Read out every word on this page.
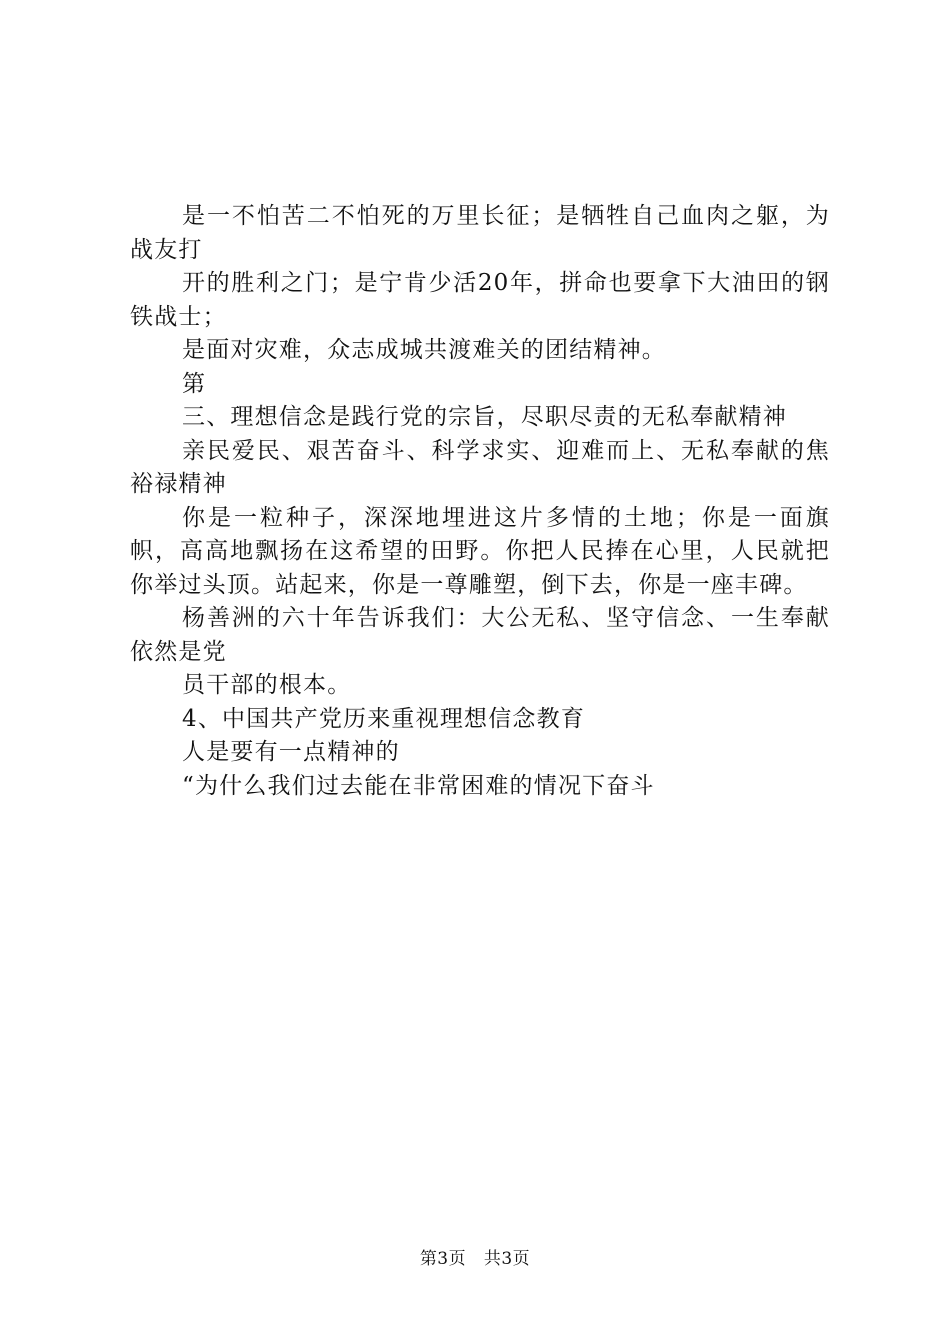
是一不怕苦二不怕死的万里长征；是牺牲自己血肉之躯，为战友打

开的胜利之门；是宁肯少活20年，拼命也要拿下大油田的钢铁战士；

是面对灾难，众志成城共渡难关的团结精神。

第

三、理想信念是践行党的宗旨，尽职尽责的无私奉献精神

亲民爱民、艰苦奋斗、科学求实、迎难而上、无私奉献的焦裕禄精神

你是一粒种子，深深地埋进这片多情的土地；你是一面旗帜，高高地飘扬在这希望的田野。你把人民捧在心里，人民就把你举过头顶。站起来，你是一尊雕塑，倒下去，你是一座丰碑。

杨善洲的六十年告诉我们：大公无私、坚守信念、一生奉献依然是党

员干部的根本。

4、中国共产党历来重视理想信念教育

人是要有一点精神的

“为什么我们过去能在非常困难的情况下奋斗

第3页 共3页
